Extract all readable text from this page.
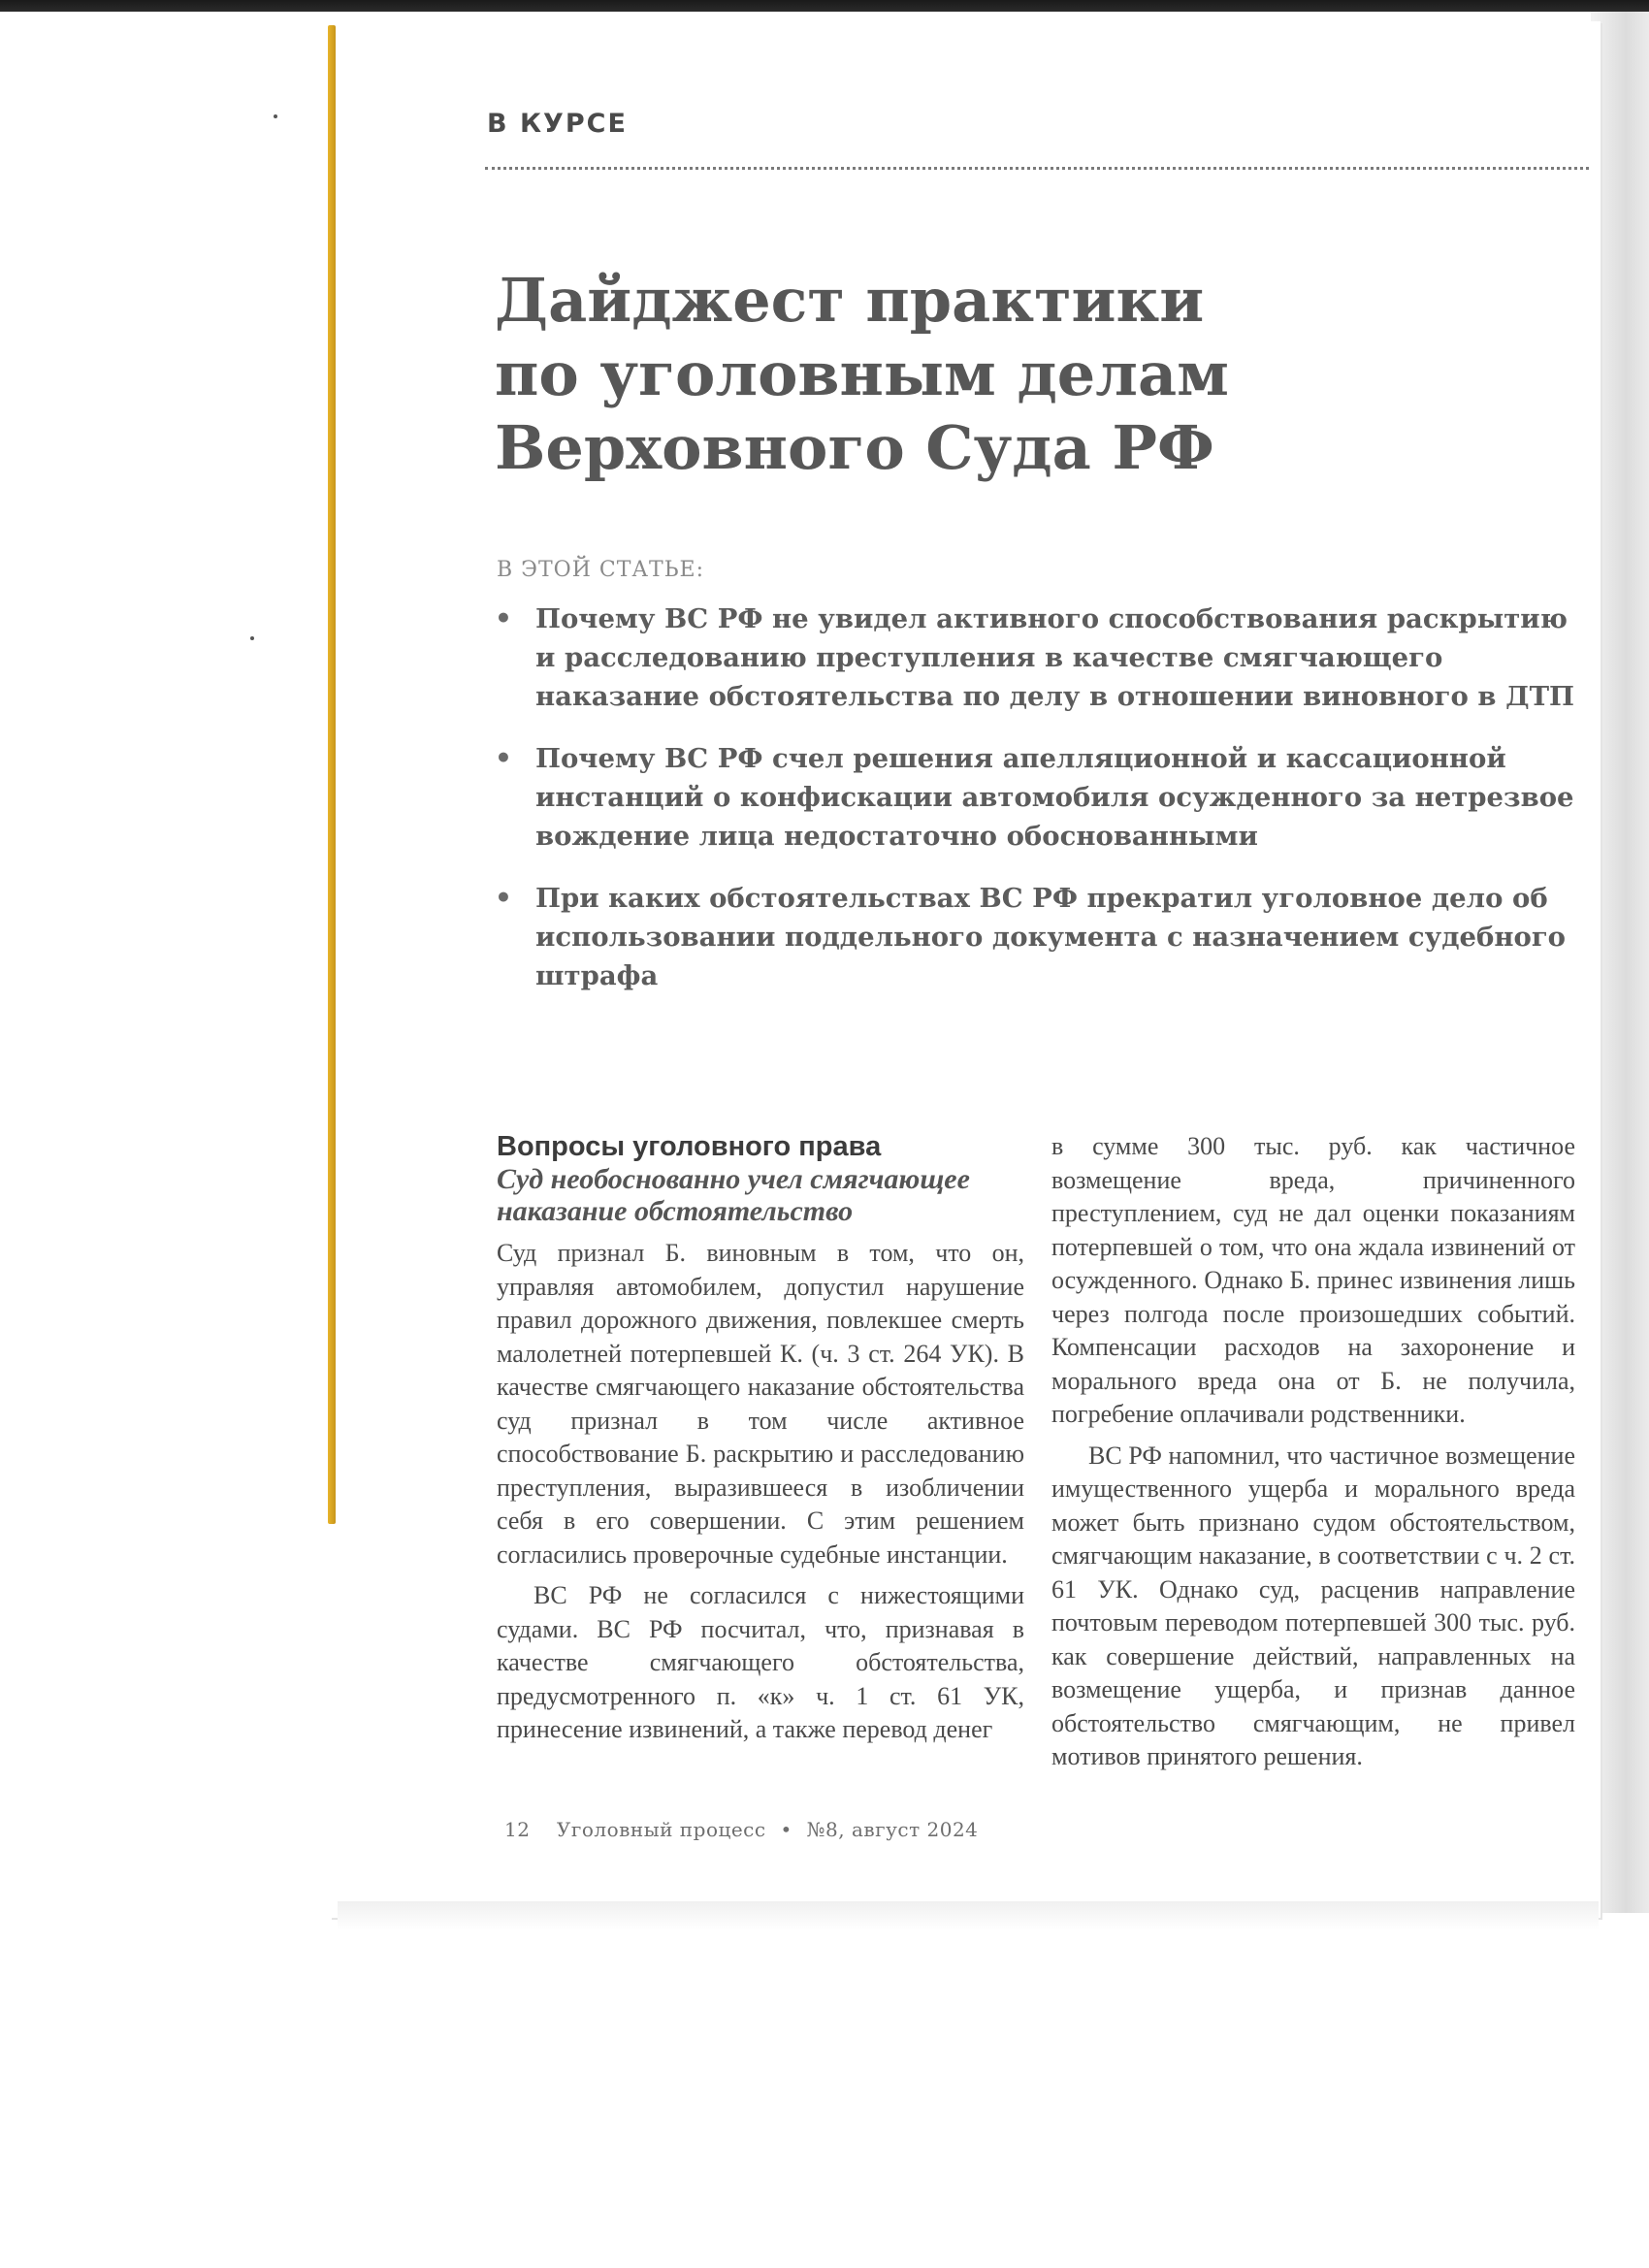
В КУРСЕ
Дайджест практики
по уголовным делам
Верховного Суда РФ
В ЭТОЙ СТАТЬЕ:
• Почему ВС РФ не увидел активного способствования раскрытию и расследованию преступления в качестве смягчающего наказание обстоятельства по делу в отношении виновного в ДТП
• Почему ВС РФ счел решения апелляционной и кассационной инстанций о конфискации автомобиля осужденного за нетрезвое вождение лица недостаточно обоснованными
• При каких обстоятельствах ВС РФ прекратил уголовное дело об использовании поддельного документа с назначением судебного штрафа
Вопросы уголовного права
Суд необоснованно учел смягчающее наказание обстоятельство

Суд признал Б. виновным в том, что он, управляя автомобилем, допустил нарушение правил дорожного движения, повлекшее смерть малолетней потерпевшей К. (ч. 3 ст. 264 УК). В качестве смягчающего наказание обстоятельства суд признал в том числе активное способствование Б. раскрытию и расследованию преступления, выразившееся в изобличении себя в его совершении. С этим решением согласились проверочные судебные инстанции.

ВС РФ не согласился с нижестоящими судами. ВС РФ посчитал, что, признавая в качестве смягчающего обстоятельства, предусмотренного п. «к» ч. 1 ст. 61 УК, принесение извинений, а также перевод денег

в сумме 300 тыс. руб. как частичное возмещение вреда, причиненного преступлением, суд не дал оценки показаниям потерпевшей о том, что она ждала извинений от осужденного. Однако Б. принес извинения лишь через полгода после произошедших событий. Компенсации расходов на захоронение и морального вреда она от Б. не получила, погребение оплачивали родственники.

ВС РФ напомнил, что частичное возмещение имущественного ущерба и морального вреда может быть признано судом обстоятельством, смягчающим наказание, в соответствии с ч. 2 ст. 61 УК. Однако суд, расценив направление почтовым переводом потерпевшей 300 тыс. руб. как совершение действий, направленных на возмещение ущерба, и признав данное обстоятельство смягчающим, не привел мотивов принятого решения.

12 Уголовный процесс • №8, август 2024
